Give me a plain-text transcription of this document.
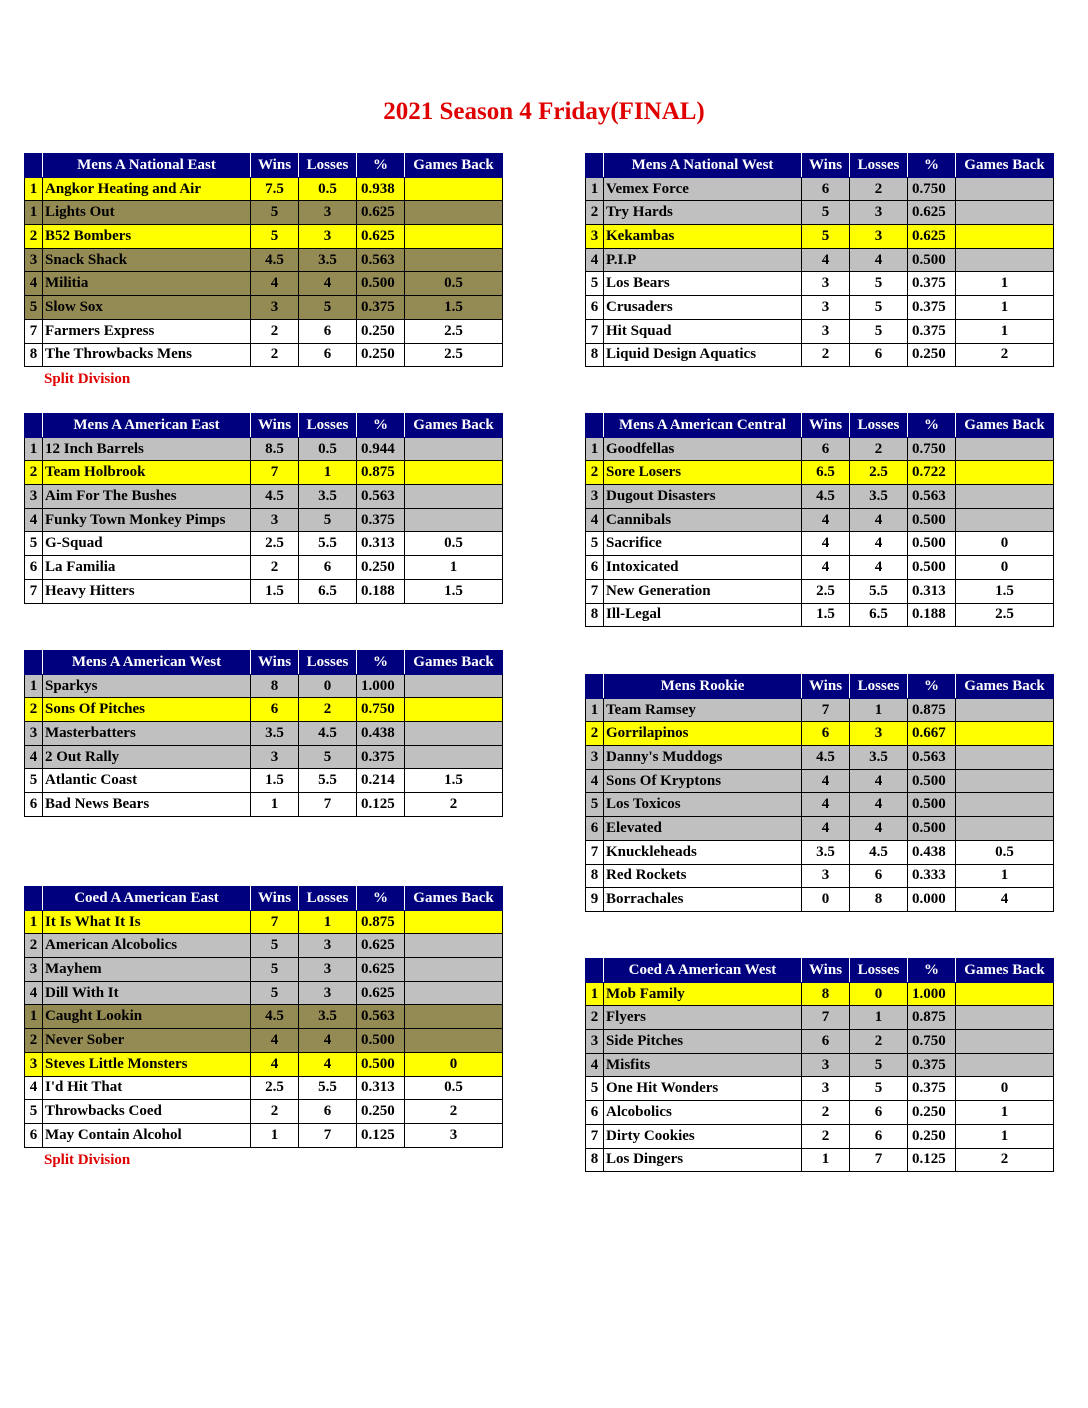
2021 Season 4 Friday(FINAL)
	Mens A National East	Wins	Losses	%	Games Back
1	Angkor Heating and Air	7.5	0.5	0.938	
1	Lights Out	5	3	0.625	
2	B52 Bombers	5	3	0.625	
3	Snack Shack	4.5	3.5	0.563	
4	Militia	4	4	0.500	0.5
5	Slow Sox	3	5	0.375	1.5
7	Farmers Express	2	6	0.250	2.5
8	The Throwbacks Mens	2	6	0.250	2.5
Split Division
	Mens A National West	Wins	Losses	%	Games Back
1	Vemex Force	6	2	0.750	
2	Try Hards	5	3	0.625	
3	Kekambas	5	3	0.625	
4	P.I.P	4	4	0.500	
5	Los Bears	3	5	0.375	1
6	Crusaders	3	5	0.375	1
7	Hit Squad	3	5	0.375	1
8	Liquid Design Aquatics	2	6	0.250	2
	Mens A American East	Wins	Losses	%	Games Back
1	12 Inch Barrels	8.5	0.5	0.944	
2	Team Holbrook	7	1	0.875	
3	Aim For The Bushes	4.5	3.5	0.563	
4	Funky Town Monkey Pimps	3	5	0.375	
5	G-Squad	2.5	5.5	0.313	0.5
6	La Familia	2	6	0.250	1
7	Heavy Hitters	1.5	6.5	0.188	1.5
	Mens A American Central	Wins	Losses	%	Games Back
1	Goodfellas	6	2	0.750	
2	Sore Losers	6.5	2.5	0.722	
3	Dugout Disasters	4.5	3.5	0.563	
4	Cannibals	4	4	0.500	
5	Sacrifice	4	4	0.500	0
6	Intoxicated	4	4	0.500	0
7	New Generation	2.5	5.5	0.313	1.5
8	Ill-Legal	1.5	6.5	0.188	2.5
	Mens A American West	Wins	Losses	%	Games Back
1	Sparkys	8	0	1.000	
2	Sons Of Pitches	6	2	0.750	
3	Masterbatters	3.5	4.5	0.438	
4	2 Out Rally	3	5	0.375	
5	Atlantic Coast	1.5	5.5	0.214	1.5
6	Bad News Bears	1	7	0.125	2
	Mens Rookie	Wins	Losses	%	Games Back
1	Team Ramsey	7	1	0.875	
2	Gorrilapinos	6	3	0.667	
3	Danny's Muddogs	4.5	3.5	0.563	
4	Sons Of Kryptons	4	4	0.500	
5	Los Toxicos	4	4	0.500	
6	Elevated	4	4	0.500	
7	Knuckleheads	3.5	4.5	0.438	0.5
8	Red Rockets	3	6	0.333	1
9	Borrachales	0	8	0.000	4
	Coed A American East	Wins	Losses	%	Games Back
1	It Is What It Is	7	1	0.875	
2	American Alcobolics	5	3	0.625	
3	Mayhem	5	3	0.625	
4	Dill With It	5	3	0.625	
1	Caught Lookin	4.5	3.5	0.563	
2	Never Sober	4	4	0.500	
3	Steves Little Monsters	4	4	0.500	0
4	I'd Hit That	2.5	5.5	0.313	0.5
5	Throwbacks Coed	2	6	0.250	2
6	May Contain Alcohol	1	7	0.125	3
Split Division
	Coed A American West	Wins	Losses	%	Games Back
1	Mob Family	8	0	1.000	
2	Flyers	7	1	0.875	
3	Side Pitches	6	2	0.750	
4	Misfits	3	5	0.375	
5	One Hit Wonders	3	5	0.375	0
6	Alcobolics	2	6	0.250	1
7	Dirty Cookies	2	6	0.250	1
8	Los Dingers	1	7	0.125	2
